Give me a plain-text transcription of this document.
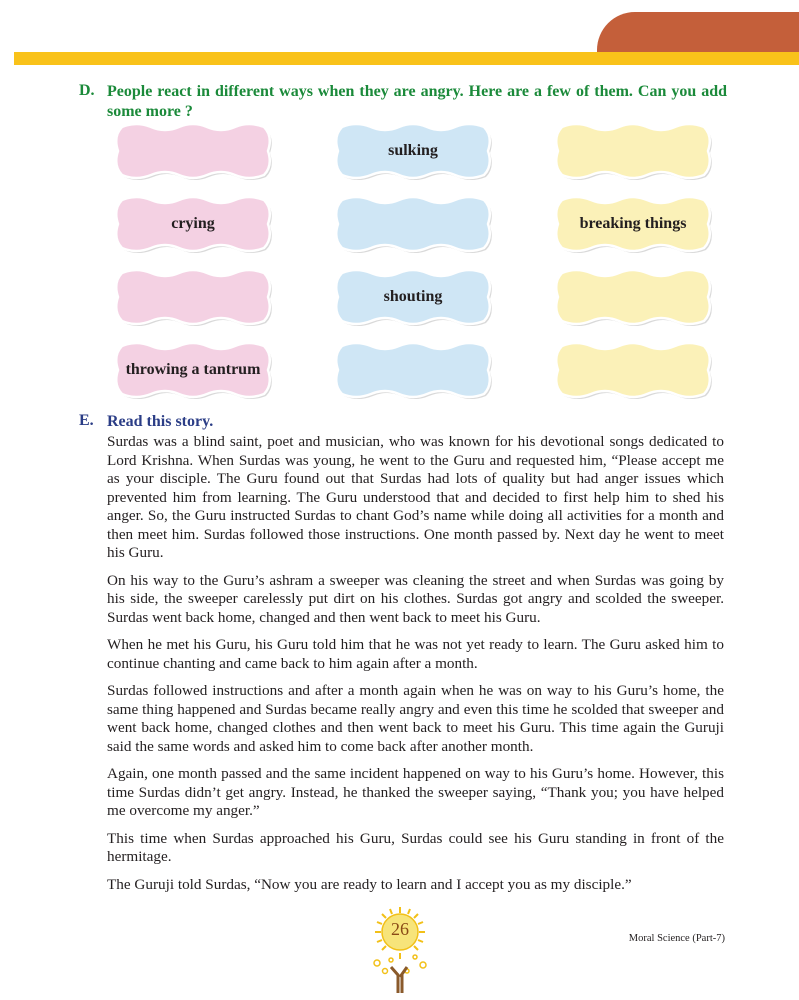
D. People react in different ways when they are angry. Here are a few of them. Can you add some more ?
sulking
crying	breaking things
shouting
throwing a tantrum
E. Read this story.

Surdas was a blind saint, poet and musician, who was known for his devotional songs dedicated to Lord Krishna. When Surdas was young, he went to the Guru and requested him, “Please accept me as your disciple. The Guru found out that Surdas had lots of quality but had anger issues which prevented him from learning. The Guru understood that and decided to first help him to shed his anger. So, the Guru instructed Surdas to chant God’s name while doing all activities for a month and then meet him. Surdas followed those instructions. One month passed by. Next day he went to meet his Guru.

On his way to the Guru’s ashram a sweeper was cleaning the street and when Surdas was going by his side, the sweeper carelessly put dirt on his clothes. Surdas got angry and scolded the sweeper. Surdas went back home, changed and then went back to meet his Guru.

When he met his Guru, his Guru told him that he was not yet ready to learn. The Guru asked him to continue chanting and came back to him again after a month.

Surdas followed instructions and after a month again when he was on way to his Guru’s home, the same thing happened and Surdas became really angry and even this time he scolded that sweeper and went back home, changed clothes and then went back to meet his Guru. This time again the Guruji said the same words and asked him to come back after another month.

Again, one month passed and the same incident happened on way to his Guru’s home. However, this time Surdas didn’t get angry. Instead, he thanked the sweeper saying, “Thank you; you have helped me overcome my anger.”

This time when Surdas approached his Guru, Surdas could see his Guru standing in front of the hermitage.

The Guruji told Surdas, “Now you are ready to learn and I accept you as my disciple.”

26	Moral Science (Part-7)
